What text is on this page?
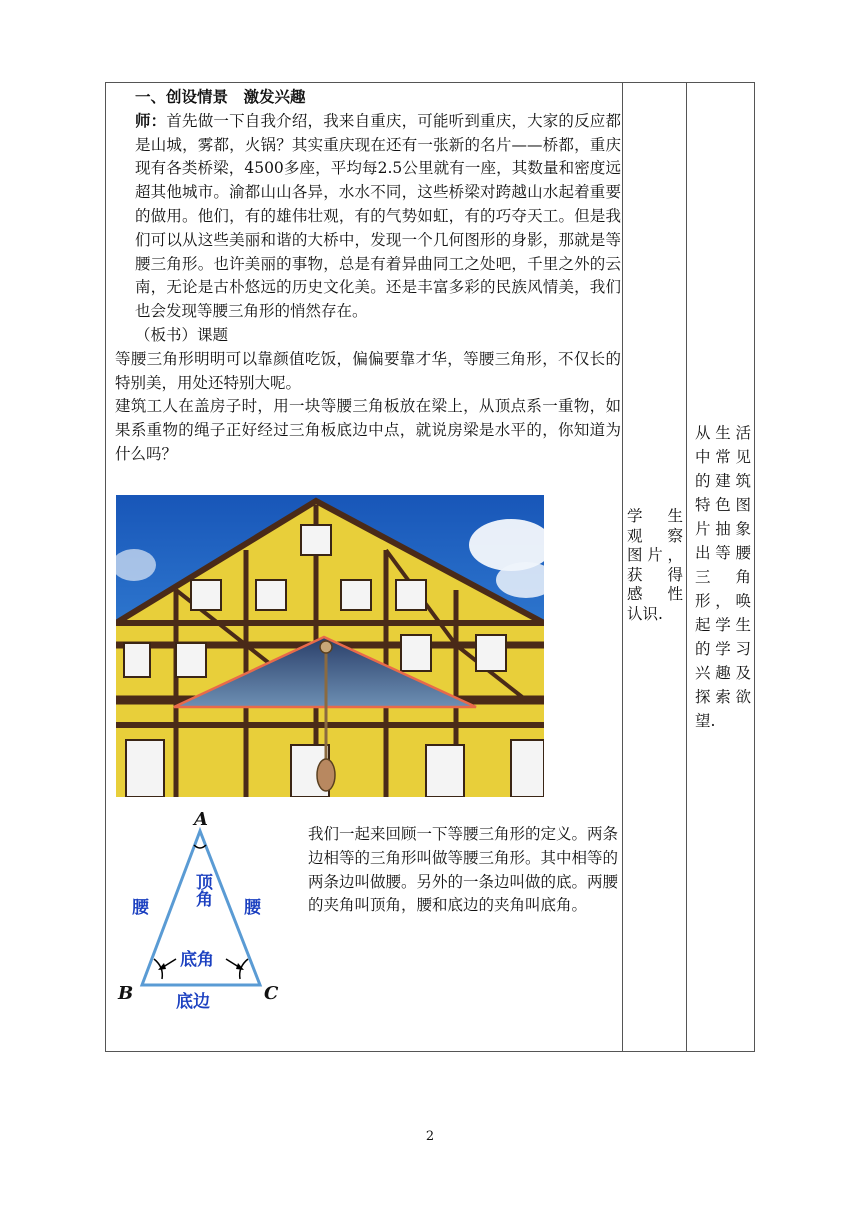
一、创设情景　激发兴趣

师：首先做一下自我介绍，我来自重庆，可能听到重庆，大家的反应都是山城，雾都，火锅？其实重庆现在还有一张新的名片——桥都，重庆现有各类桥梁，4500多座，平均每2.5公里就有一座，其数量和密度远超其他城市。渝都山山各异，水水不同，这些桥梁对跨越山水起着重要的做用。他们，有的雄伟壮观，有的气势如虹，有的巧夺天工。但是我们可以从这些美丽和谐的大桥中，发现一个几何图形的身影，那就是等腰三角形。也许美丽的事物，总是有着异曲同工之处吧，千里之外的云南，无论是古朴悠远的历史文化美。还是丰富多彩的民族风情美，我们也会发现等腰三角形的悄然存在。

（板书）课题

等腰三角形明明可以靠颜值吃饭，偏偏要靠才华，等腰三角形，不仅长的特别美，用处还特别大呢。

建筑工人在盖房子时，用一块等腰三角板放在梁上，从顶点系一重物，如果系重物的绳子正好经过三角板底边中点，就说房梁是水平的，你知道为什么吗？

A
B	C
顶角
腰	腰
底角
底边

我们一起来回顾一下等腰三角形的定义。两条边相等的三角形叫做等腰三角形。其中相等的两条边叫做腰。另外的一条边叫做的底。两腰的夹角叫顶角，腰和底边的夹角叫底角。

学　生
观　察
图片，
获　得
感　性
认识.
从生活
中常见
的建筑
特色图
片抽象
出等腰
三　角
形，唤
起学生
的学习
兴趣及
探索欲
望.
2
